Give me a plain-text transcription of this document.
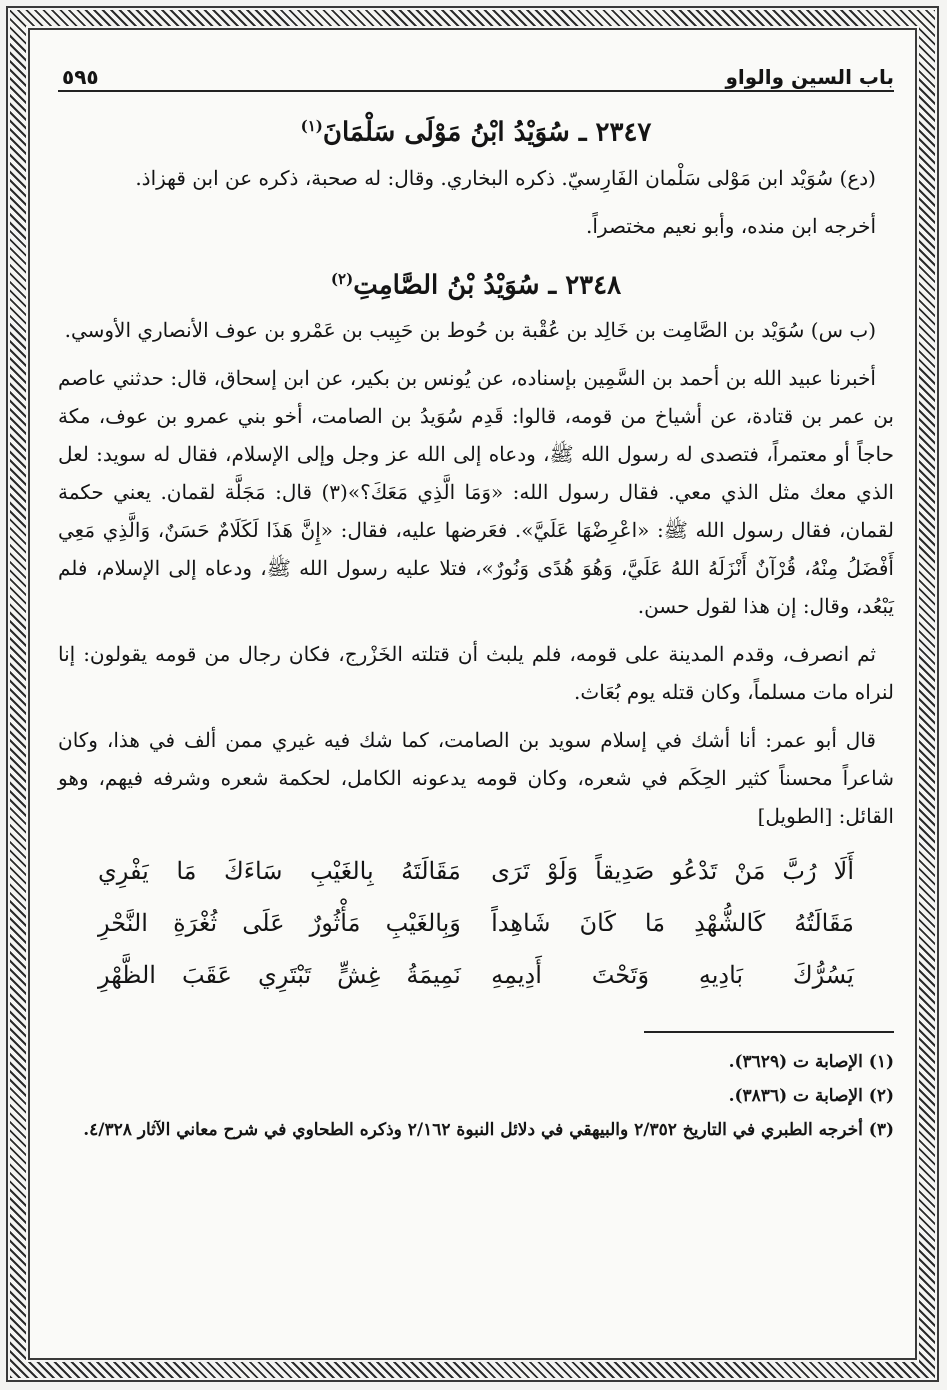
باب السين والواو
٥٩٥
٢٣٤٧ ـ سُوَيْدُ ابْنُ مَوْلَى سَلْمَانَ$^{(١)}$

(دع) سُوَيْد ابن مَوْلى سَلْمان الفَارِسيّ. ذكره البخاري. وقال: له صحبة، ذكره عن ابن قهزاذ.

أخرجه ابن منده، وأبو نعيم مختصراً.

٢٣٤٨ ـ سُوَيْدُ بْنُ الصَّامِتِ$^{(٢)}$

(ب س) سُوَيْد بن الصَّامِت بن خَالِد بن عُقْبة بن حُوط بن حَبِيب بن عَمْرو بن عوف الأنصاري الأوسي.

أخبرنا عبيد الله بن أحمد بن السَّمِين بإسناده، عن يُونس بن بكير، عن ابن إسحاق، قال: حدثني عاصم بن عمر بن قتادة، عن أشياخ من قومه، قالوا: قَدِم سُوَيدُ بن الصامت، أخو بني عمرو بن عوف، مكة حاجاً أو معتمراً، فتصدى له رسول الله ﷺ، ودعاه إلى الله عز وجل وإلى الإسلام، فقال له سويد: لعل الذي معك مثل الذي معي. فقال رسول الله: «وَمَا الَّذِي مَعَكَ؟»(٣) قال: مَجَلَّة لقمان. يعني حكمة لقمان، فقال رسول الله ﷺ: «اعْرِضْهَا عَلَيَّ». فعَرضها عليه، فقال: «إِنَّ هَذَا لَكَلَامٌ حَسَنٌ، وَالَّذِي مَعِي أَفْضَلُ مِنْهُ، قُرْآنٌ أَنْزَلَهُ اللهُ عَلَيَّ، وَهُوَ هُدًى وَنُورٌ»، فتلا عليه رسول الله ﷺ، ودعاه إلى الإسلام، فلم يَبْعُد، وقال: إن هذا لقول حسن.

ثم انصرف، وقدم المدينة على قومه، فلم يلبث أن قتلته الخَزْرج، فكان رجال من قومه يقولون: إنا لنراه مات مسلماً، وكان قتله يوم بُعَاث.

قال أبو عمر: أنا أشك في إسلام سويد بن الصامت، كما شك فيه غيري ممن ألف في هذا، وكان شاعراً محسناً كثير الحِكَم في شعره، وكان قومه يدعونه الكامل، لحكمة شعره وشرفه فيهم، وهو القائل: [الطويل]

أَلَا رُبَّ مَنْ تَدْعُو صَدِيقاً وَلَوْ تَرَى
مَقَالَتَهُ بِالغَيْبِ سَاءَكَ مَا يَفْرِي
مَقَالَتُهُ كَالشُّهْدِ مَا كَانَ شَاهِداً
وَبِالغَيْبِ مَأْثُورٌ عَلَى ثُغْرَةِ النَّحْرِ
يَسُرُّكَ بَادِيهِ وَتَحْتَ أَدِيمِهِ
نَمِيمَةُ غِشٍّ تَبْتَرِي عَقَبَ الظَّهْرِ
(١) الإصابة ت (٣٦٢٩).
(٢) الإصابة ت (٣٨٣٦).
(٣) أخرجه الطبري في التاريخ ٢/٣٥٢ والبيهقي في دلائل النبوة ٢/١٦٢ وذكره الطحاوي في شرح معاني الآثار ٤/٣٢٨.
